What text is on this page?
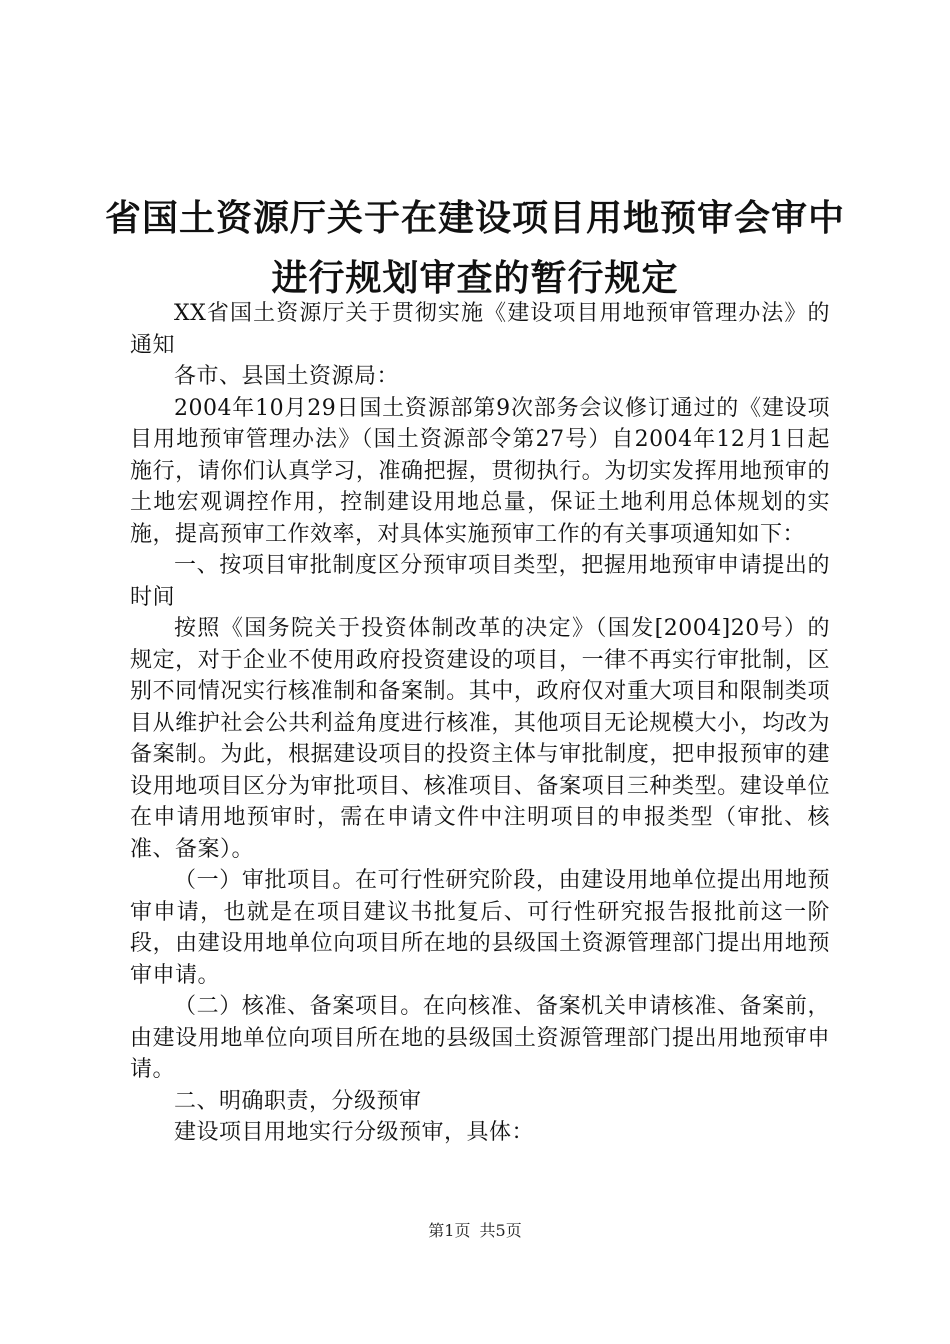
省国土资源厅关于在建设项目用地预审会审中
进行规划审查的暂行规定

XX省国土资源厅关于贯彻实施《建设项目用地预审管理办法》的通知

各市、县国土资源局：

2004年10月29日国土资源部第9次部务会议修订通过的《建设项目用地预审管理办法》（国土资源部令第27号）自2004年12月1日起施行，请你们认真学习，准确把握，贯彻执行。为切实发挥用地预审的土地宏观调控作用，控制建设用地总量，保证土地利用总体规划的实施，提高预审工作效率，对具体实施预审工作的有关事项通知如下：

一、按项目审批制度区分预审项目类型，把握用地预审申请提出的时间

按照《国务院关于投资体制改革的决定》（国发[2004]20号）的规定，对于企业不使用政府投资建设的项目，一律不再实行审批制，区别不同情况实行核准制和备案制。其中，政府仅对重大项目和限制类项目从维护社会公共利益角度进行核准，其他项目无论规模大小，均改为备案制。为此，根据建设项目的投资主体与审批制度，把申报预审的建设用地项目区分为审批项目、核准项目、备案项目三种类型。建设单位在申请用地预审时，需在申请文件中注明项目的申报类型（审批、核准、备案）。

（一）审批项目。在可行性研究阶段，由建设用地单位提出用地预审申请，也就是在项目建议书批复后、可行性研究报告报批前这一阶段，由建设用地单位向项目所在地的县级国土资源管理部门提出用地预审申请。

（二）核准、备案项目。在向核准、备案机关申请核准、备案前，由建设用地单位向项目所在地的县级国土资源管理部门提出用地预审申请。

二、明确职责，分级预审

建设项目用地实行分级预审，具体：

第1页 共5页
